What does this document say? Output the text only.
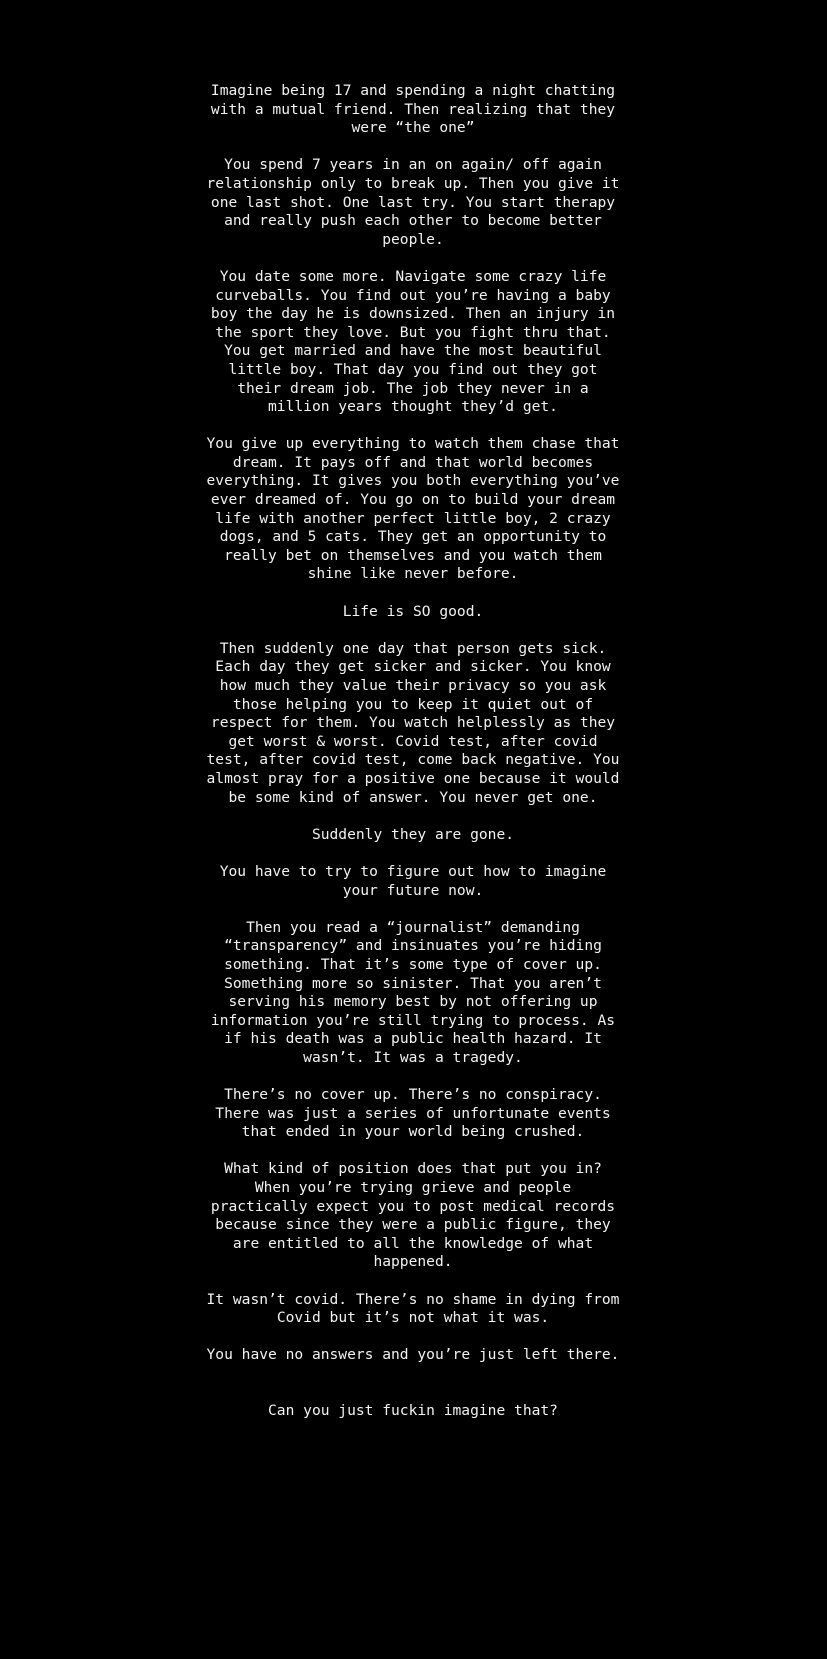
Imagine being 17 and spending a night chatting
with a mutual friend. Then realizing that they
were “the one”
You spend 7 years in an on again/ off again
relationship only to break up. Then you give it
one last shot. One last try. You start therapy
and really push each other to become better
people.
You date some more. Navigate some crazy life
curveballs. You find out you’re having a baby
boy the day he is downsized. Then an injury in
the sport they love. But you fight thru that.
You get married and have the most beautiful
little boy. That day you find out they got
their dream job. The job they never in a
million years thought they’d get.
You give up everything to watch them chase that
dream. It pays off and that world becomes
everything. It gives you both everything you’ve
ever dreamed of. You go on to build your dream
life with another perfect little boy, 2 crazy
dogs, and 5 cats. They get an opportunity to
really bet on themselves and you watch them
shine like never before.
Life is SO good.
Then suddenly one day that person gets sick.
Each day they get sicker and sicker. You know
how much they value their privacy so you ask
those helping you to keep it quiet out of
respect for them. You watch helplessly as they
get worst & worst. Covid test, after covid
test, after covid test, come back negative. You
almost pray for a positive one because it would
be some kind of answer. You never get one.
Suddenly they are gone.
You have to try to figure out how to imagine
your future now.
Then you read a “journalist” demanding
“transparency” and insinuates you’re hiding
something. That it’s some type of cover up.
Something more so sinister. That you aren’t
serving his memory best by not offering up
information you’re still trying to process. As
if his death was a public health hazard. It
wasn’t. It was a tragedy.
There’s no cover up. There’s no conspiracy.
There was just a series of unfortunate events
that ended in your world being crushed.
What kind of position does that put you in?
When you’re trying grieve and people
practically expect you to post medical records
because since they were a public figure, they
are entitled to all the knowledge of what
happened.
It wasn’t covid. There’s no shame in dying from
Covid but it’s not what it was.
You have no answers and you’re just left there.
Can you just fuckin imagine that?
